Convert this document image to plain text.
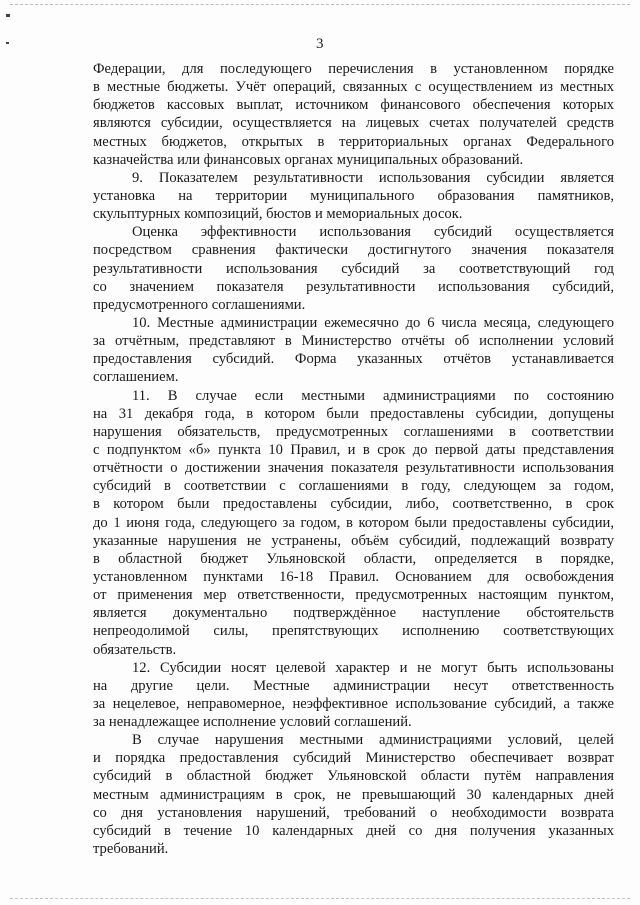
3
Федерации, для последующего перечисления в установленном порядке
в местные бюджеты. Учёт операций, связанных с осуществлением из местных
бюджетов кассовых выплат, источником финансового обеспечения которых
являются субсидии, осуществляется на лицевых счетах получателей средств
местных бюджетов, открытых в территориальных органах Федерального
казначейства или финансовых органах муниципальных образований.
9. Показателем результативности использования субсидии является
установка на территории муниципального образования памятников,
скульптурных композиций, бюстов и мемориальных досок.
Оценка эффективности использования субсидий осуществляется
посредством сравнения фактически достигнутого значения показателя
результативности использования субсидий за соответствующий год
со значением показателя результативности использования субсидий,
предусмотренного соглашениями.
10. Местные администрации ежемесячно до 6 числа месяца, следующего
за отчётным, представляют в Министерство отчёты об исполнении условий
предоставления субсидий. Форма указанных отчётов устанавливается
соглашением.
11. В случае если местными администрациями по состоянию
на 31 декабря года, в котором были предоставлены субсидии, допущены
нарушения обязательств, предусмотренных соглашениями в соответствии
с подпунктом «б» пункта 10 Правил, и в срок до первой даты представления
отчётности о достижении значения показателя результативности использования
субсидий в соответствии с соглашениями в году, следующем за годом,
в котором были предоставлены субсидии, либо, соответственно, в срок
до 1 июня года, следующего за годом, в котором были предоставлены субсидии,
указанные нарушения не устранены, объём субсидий, подлежащий возврату
в областной бюджет Ульяновской области, определяется в порядке,
установленном пунктами 16-18 Правил. Основанием для освобождения
от применения мер ответственности, предусмотренных настоящим пунктом,
является документально подтверждённое наступление обстоятельств
непреодолимой силы, препятствующих исполнению соответствующих
обязательств.
12. Субсидии носят целевой характер и не могут быть использованы
на другие цели. Местные администрации несут ответственность
за нецелевое, неправомерное, неэффективное использование субсидий, а также
за ненадлежащее исполнение условий соглашений.
В случае нарушения местными администрациями условий, целей
и порядка предоставления субсидий Министерство обеспечивает возврат
субсидий в областной бюджет Ульяновской области путём направления
местным администрациям в срок, не превышающий 30 календарных дней
со дня установления нарушений, требований о необходимости возврата
субсидий в течение 10 календарных дней со дня получения указанных
требований.
